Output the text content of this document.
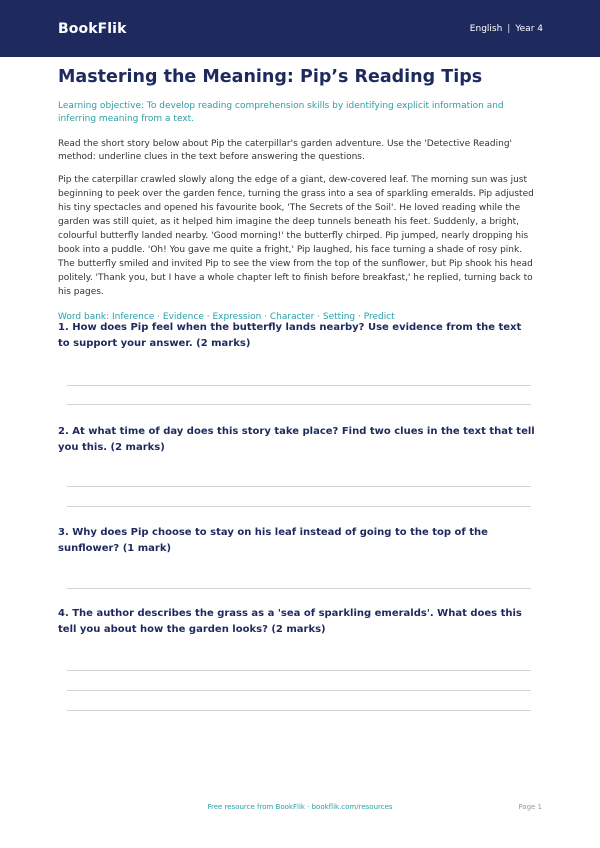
BookFlik	English | Year 4
Mastering the Meaning: Pip’s Reading Tips

Learning objective: To develop reading comprehension skills by identifying explicit information and inferring meaning from a text.

Read the short story below about Pip the caterpillar's garden adventure. Use the 'Detective Reading' method: underline clues in the text before answering the questions.

Pip the caterpillar crawled slowly along the edge of a giant, dew-covered leaf. The morning sun was just beginning to peek over the garden fence, turning the grass into a sea of sparkling emeralds. Pip adjusted his tiny spectacles and opened his favourite book, 'The Secrets of the Soil'. He loved reading while the garden was still quiet, as it helped him imagine the deep tunnels beneath his feet. Suddenly, a bright, colourful butterfly landed nearby. 'Good morning!' the butterfly chirped. Pip jumped, nearly dropping his book into a puddle. 'Oh! You gave me quite a fright,' Pip laughed, his face turning a shade of rosy pink. The butterfly smiled and invited Pip to see the view from the top of the sunflower, but Pip shook his head politely. 'Thank you, but I have a whole chapter left to finish before breakfast,' he replied, turning back to his pages.

Word bank: Inference · Evidence · Expression · Character · Setting · Predict

1. How does Pip feel when the butterfly lands nearby? Use evidence from the text to support your answer. (2 marks)
2. At what time of day does this story take place? Find two clues in the text that tell you this. (2 marks)
3. Why does Pip choose to stay on his leaf instead of going to the top of the sunflower? (1 mark)
4. The author describes the grass as a 'sea of sparkling emeralds'. What does this tell you about how the garden looks? (2 marks)
Free resource from BookFlik · bookflik.com/resources	Page 1
